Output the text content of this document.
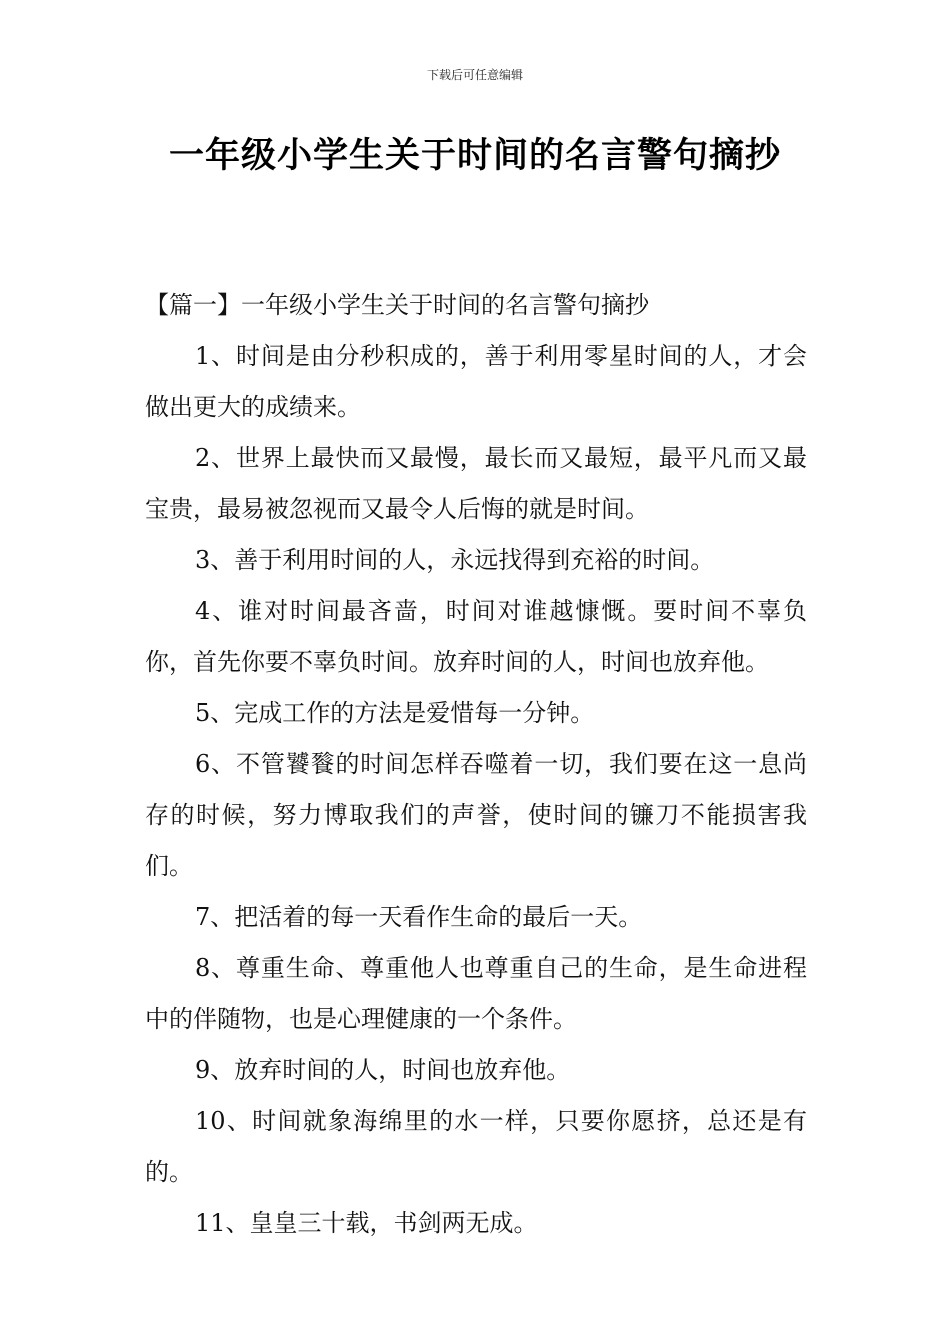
下载后可任意编辑
一年级小学生关于时间的名言警句摘抄

【篇一】一年级小学生关于时间的名言警句摘抄

1、时间是由分秒积成的，善于利用零星时间的人，才会做出更大的成绩来。

2、世界上最快而又最慢，最长而又最短，最平凡而又最宝贵，最易被忽视而又最令人后悔的就是时间。

3、善于利用时间的人，永远找得到充裕的时间。

4、谁对时间最吝啬，时间对谁越慷慨。要时间不辜负你，首先你要不辜负时间。放弃时间的人，时间也放弃他。

5、完成工作的方法是爱惜每一分钟。

6、不管饕餮的时间怎样吞噬着一切，我们要在这一息尚存的时候，努力博取我们的声誉，使时间的镰刀不能损害我们。

7、把活着的每一天看作生命的最后一天。

8、尊重生命、尊重他人也尊重自己的生命，是生命进程中的伴随物，也是心理健康的一个条件。

9、放弃时间的人，时间也放弃他。

10、时间就象海绵里的水一样，只要你愿挤，总还是有的。

11、皇皇三十载，书剑两无成。
